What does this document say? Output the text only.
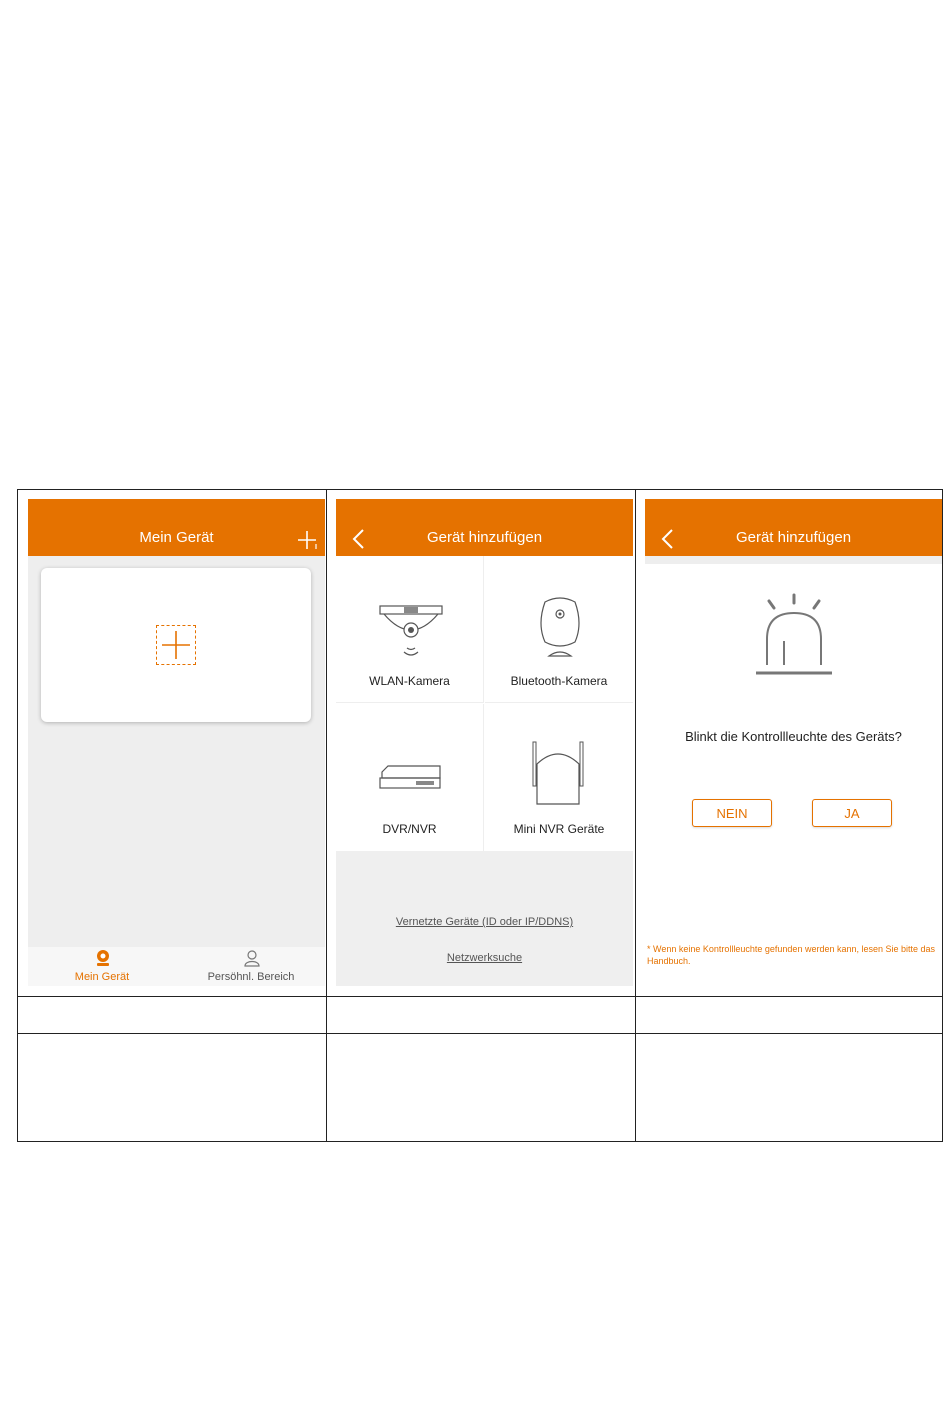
Mein Gerät
Mein Gerät	Persöhnl. Bereich
Gerät hinzufügen
WLAN-Kamera	Bluetooth-Kamera
DVR/NVR	Mini NVR Geräte
Vernetzte Geräte (ID oder IP/DDNS)
Netzwerksuche
Gerät hinzufügen
Blinkt die Kontrollleuchte des Geräts?
NEIN	JA
* Wenn keine Kontrollleuchte gefunden werden kann, lesen Sie bitte das Handbuch.
